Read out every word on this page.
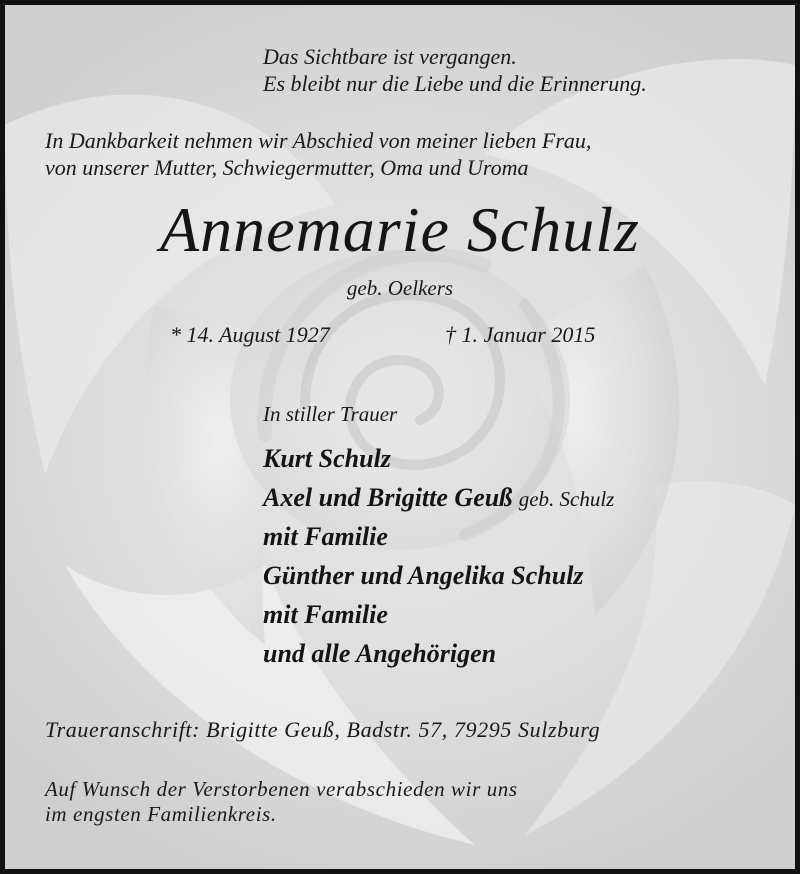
Das Sichtbare ist vergangen.

Es bleibt nur die Liebe und die Erinnerung.

In Dankbarkeit nehmen wir Abschied von meiner lieben Frau,

von unserer Mutter, Schwiegermutter, Oma und Uroma

Annemarie Schulz

geb. Oelkers

* 14. August 1927	† 1. Januar 2015

In stiller Trauer

Kurt Schulz

Axel und Brigitte Geuß geb. Schulz

mit Familie

Günther und Angelika Schulz

mit Familie

und alle Angehörigen

Traueranschrift: Brigitte Geuß, Badstr. 57, 79295 Sulzburg

Auf Wunsch der Verstorbenen verabschieden wir uns

im engsten Familienkreis.
